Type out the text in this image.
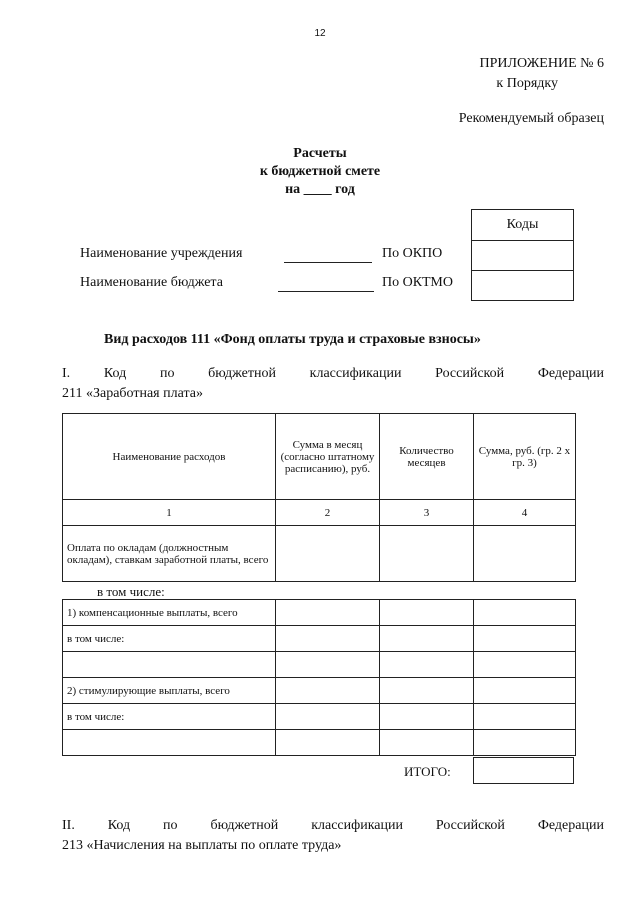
12
ПРИЛОЖЕНИЕ № 6
к Порядку
Рекомендуемый образец
Расчеты
к бюджетной смете
на ____ год
Коды
Наименование учреждения	По ОКПО
Наименование бюджета	По ОКТМО
Вид расходов 111 «Фонд оплаты труда и страховые взносы»
I. Код по бюджетной классификации Российской Федерации
211 «Заработная плата»
Наименование расходов	Сумма в месяц (согласно штатному расписанию), руб.	Количество месяцев	Сумма, руб. (гр. 2 х гр. 3)
1	2	3	4
Оплата по окладам (должностным окладам), ставкам заработной платы, всего			
в том числе:
1) компенсационные выплаты, всего			
в том числе:			

2) стимулирующие выплаты, всего			
в том числе:			

ИТОГО:
II. Код по бюджетной классификации Российской Федерации
213 «Начисления на выплаты по оплате труда»
